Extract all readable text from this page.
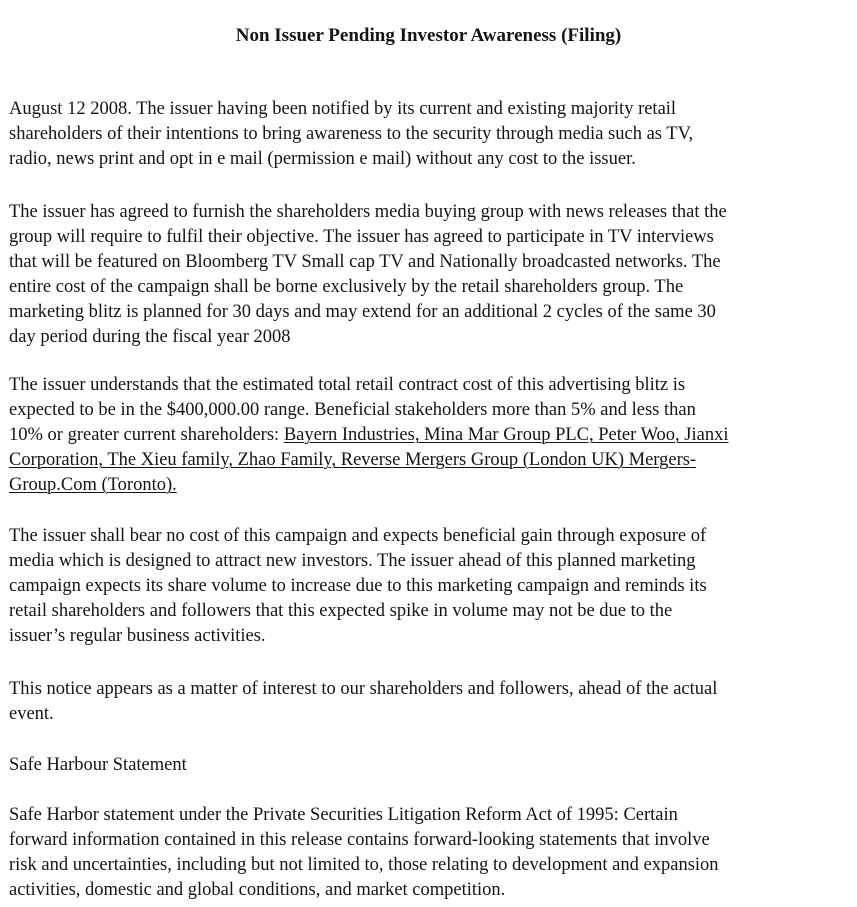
Non Issuer Pending Investor Awareness (Filing)

August 12 2008. The issuer having been notified by its current and existing majority retail
shareholders of their intentions to bring awareness to the security through media such as TV,
radio, news print and opt in e mail (permission e mail) without any cost to the issuer.

The issuer has agreed to furnish the shareholders media buying group with news releases that the
group will require to fulfil their objective. The issuer has agreed to participate in TV interviews
that will be featured on Bloomberg TV Small cap TV and Nationally broadcasted networks. The
entire cost of the campaign shall be borne exclusively by the retail shareholders group. The
marketing blitz is planned for 30 days and may extend for an additional 2 cycles of the same 30
day period during the fiscal year 2008

The issuer understands that the estimated total retail contract cost of this advertising blitz is
expected to be in the $400,000.00 range. Beneficial stakeholders more than 5% and less than
10% or greater current shareholders: Bayern Industries, Mina Mar Group PLC, Peter Woo, Jianxi
Corporation, The Xieu family, Zhao Family, Reverse Mergers Group (London UK) Mergers-
Group.Com (Toronto).

The issuer shall bear no cost of this campaign and expects beneficial gain through exposure of
media which is designed to attract new investors. The issuer ahead of this planned marketing
campaign expects its share volume to increase due to this marketing campaign and reminds its
retail shareholders and followers that this expected spike in volume may not be due to the
issuer’s regular business activities.

This notice appears as a matter of interest to our shareholders and followers, ahead of the actual
event.

Safe Harbour Statement

Safe Harbor statement under the Private Securities Litigation Reform Act of 1995: Certain
forward information contained in this release contains forward-looking statements that involve
risk and uncertainties, including but not limited to, those relating to development and expansion
activities, domestic and global conditions, and market competition.
